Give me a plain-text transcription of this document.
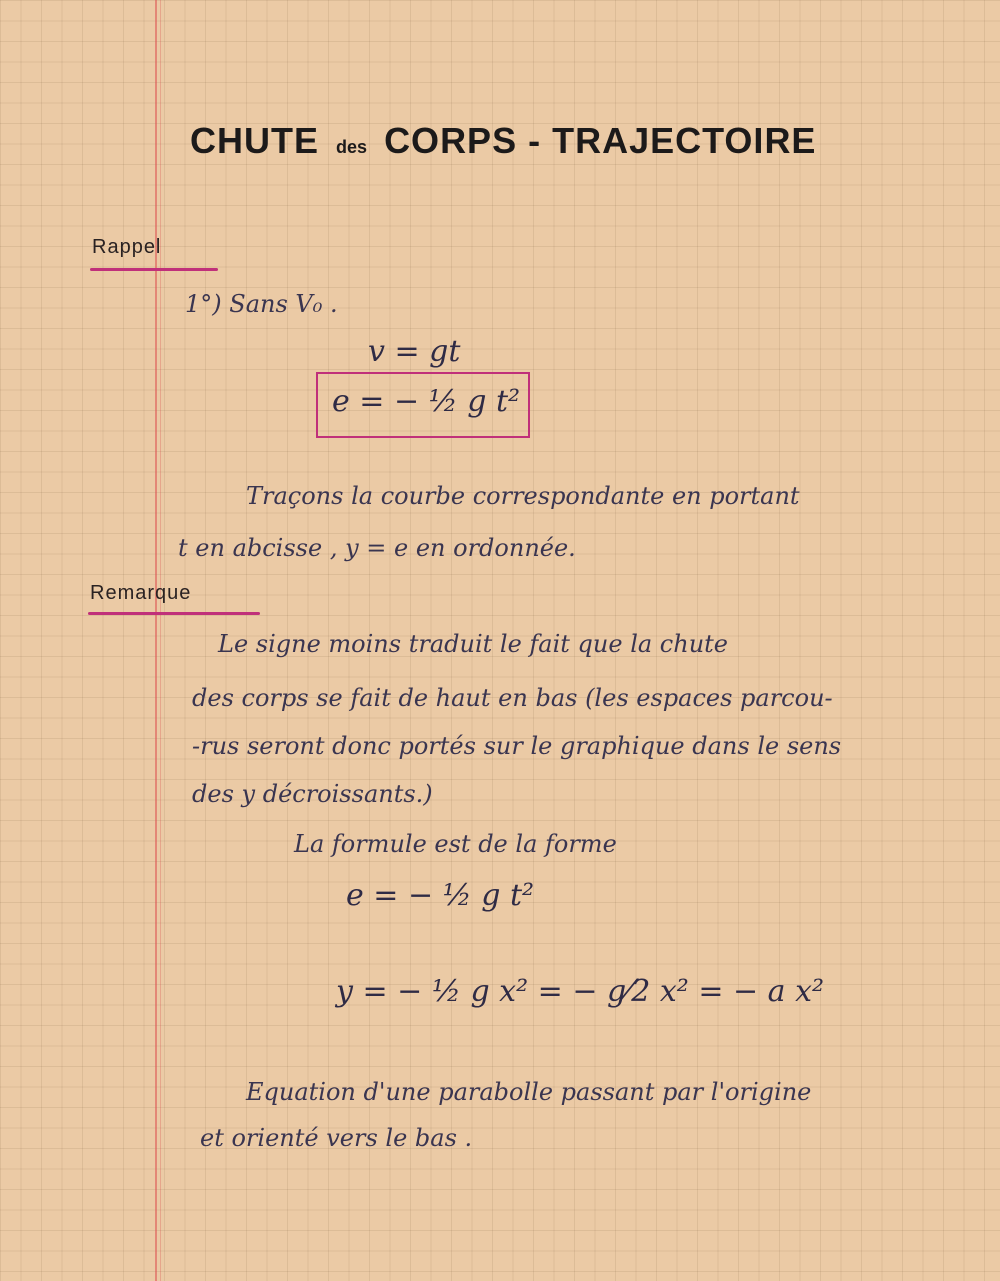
CHUTE des CORPS - TRAJECTOIRE
Rappel
1°) Sans V₀ .
v = gt
e = − ½ g t²
Traçons la courbe correspondante en portant
t en abcisse , y = e en ordonnée.
Remarque
Le signe moins traduit le fait que la chute
des corps se fait de haut en bas (les espaces parcou-
-rus seront donc portés sur le graphique dans le sens
des y décroissants.)
La formule est de la forme
e = − ½ g t²
y = − ½ g x² = − g⁄2 x² = − a x²
Equation d'une parabolle passant par l'origine
et orienté vers le bas .
